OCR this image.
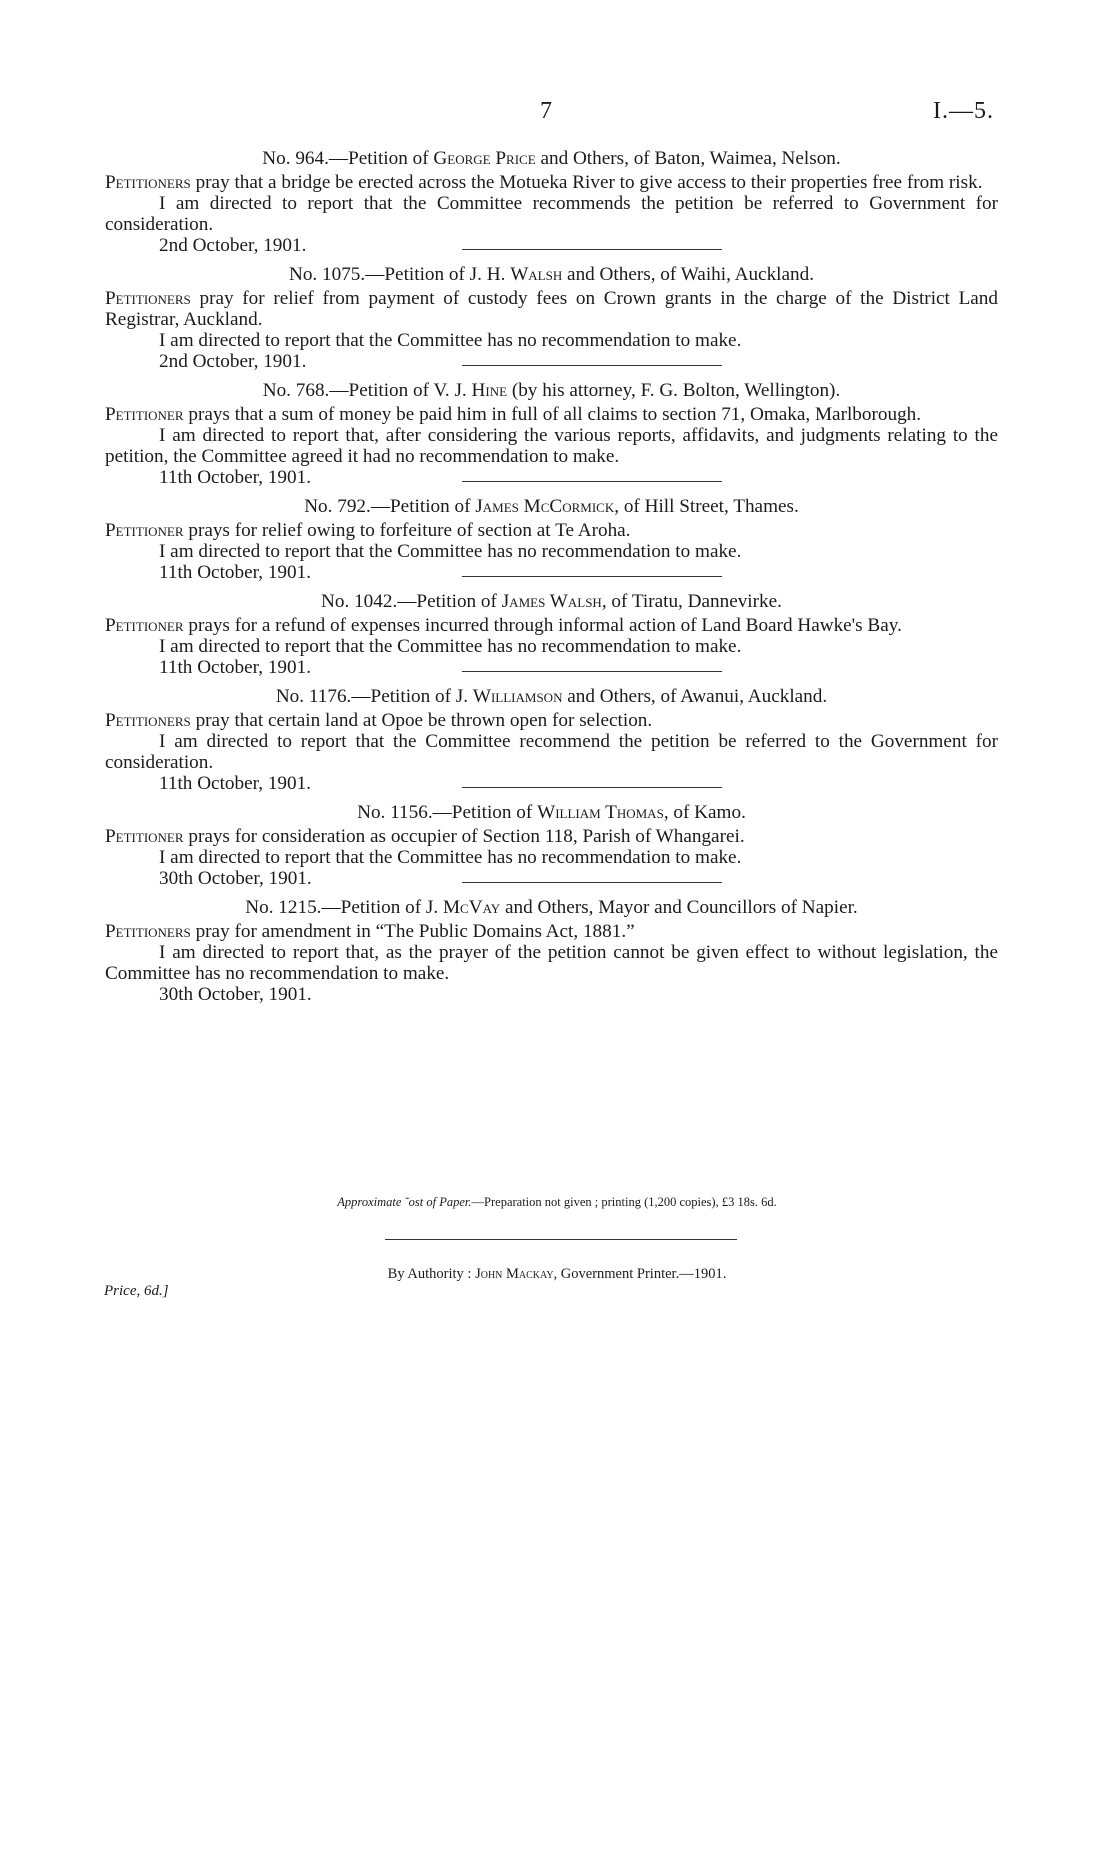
7	I.—5.

No. 964.—Petition of George Price and Others, of Baton, Waimea, Nelson.

Petitioners pray that a bridge be erected across the Motueka River to give access to their properties free from risk.

I am directed to report that the Committee recommends the petition be referred to Government for consideration.

2nd October, 1901.

No. 1075.—Petition of J. H. Walsh and Others, of Waihi, Auckland.

Petitioners pray for relief from payment of custody fees on Crown grants in the charge of the District Land Registrar, Auckland.

I am directed to report that the Committee has no recommendation to make.

2nd October, 1901.

No. 768.—Petition of V. J. Hine (by his attorney, F. G. Bolton, Wellington).

Petitioner prays that a sum of money be paid him in full of all claims to section 71, Omaka, Marlborough.

I am directed to report that, after considering the various reports, affidavits, and judgments relating to the petition, the Committee agreed it had no recommendation to make.

11th October, 1901.

No. 792.—Petition of James McCormick, of Hill Street, Thames.

Petitioner prays for relief owing to forfeiture of section at Te Aroha.

I am directed to report that the Committee has no recommendation to make.

11th October, 1901.

No. 1042.—Petition of James Walsh, of Tiratu, Dannevirke.

Petitioner prays for a refund of expenses incurred through informal action of Land Board Hawke's Bay.

I am directed to report that the Committee has no recommendation to make.

11th October, 1901.

No. 1176.—Petition of J. Williamson and Others, of Awanui, Auckland.

Petitioners pray that certain land at Opoe be thrown open for selection.

I am directed to report that the Committee recommend the petition be referred to the Government for consideration.

11th October, 1901.

No. 1156.—Petition of William Thomas, of Kamo.

Petitioner prays for consideration as occupier of Section 118, Parish of Whangarei.

I am directed to report that the Committee has no recommendation to make.

30th October, 1901.

No. 1215.—Petition of J. McVay and Others, Mayor and Councillors of Napier.

Petitioners pray for amendment in “The Public Domains Act, 1881.”

I am directed to report that, as the prayer of the petition cannot be given effect to without legislation, the Committee has no recommendation to make.

30th October, 1901.

Approximate ˜ost of Paper.—Preparation not given ; printing (1,200 copies), £3 18s. 6d.
By Authority : John Mackay, Government Printer.—1901.
Price, 6d.]
